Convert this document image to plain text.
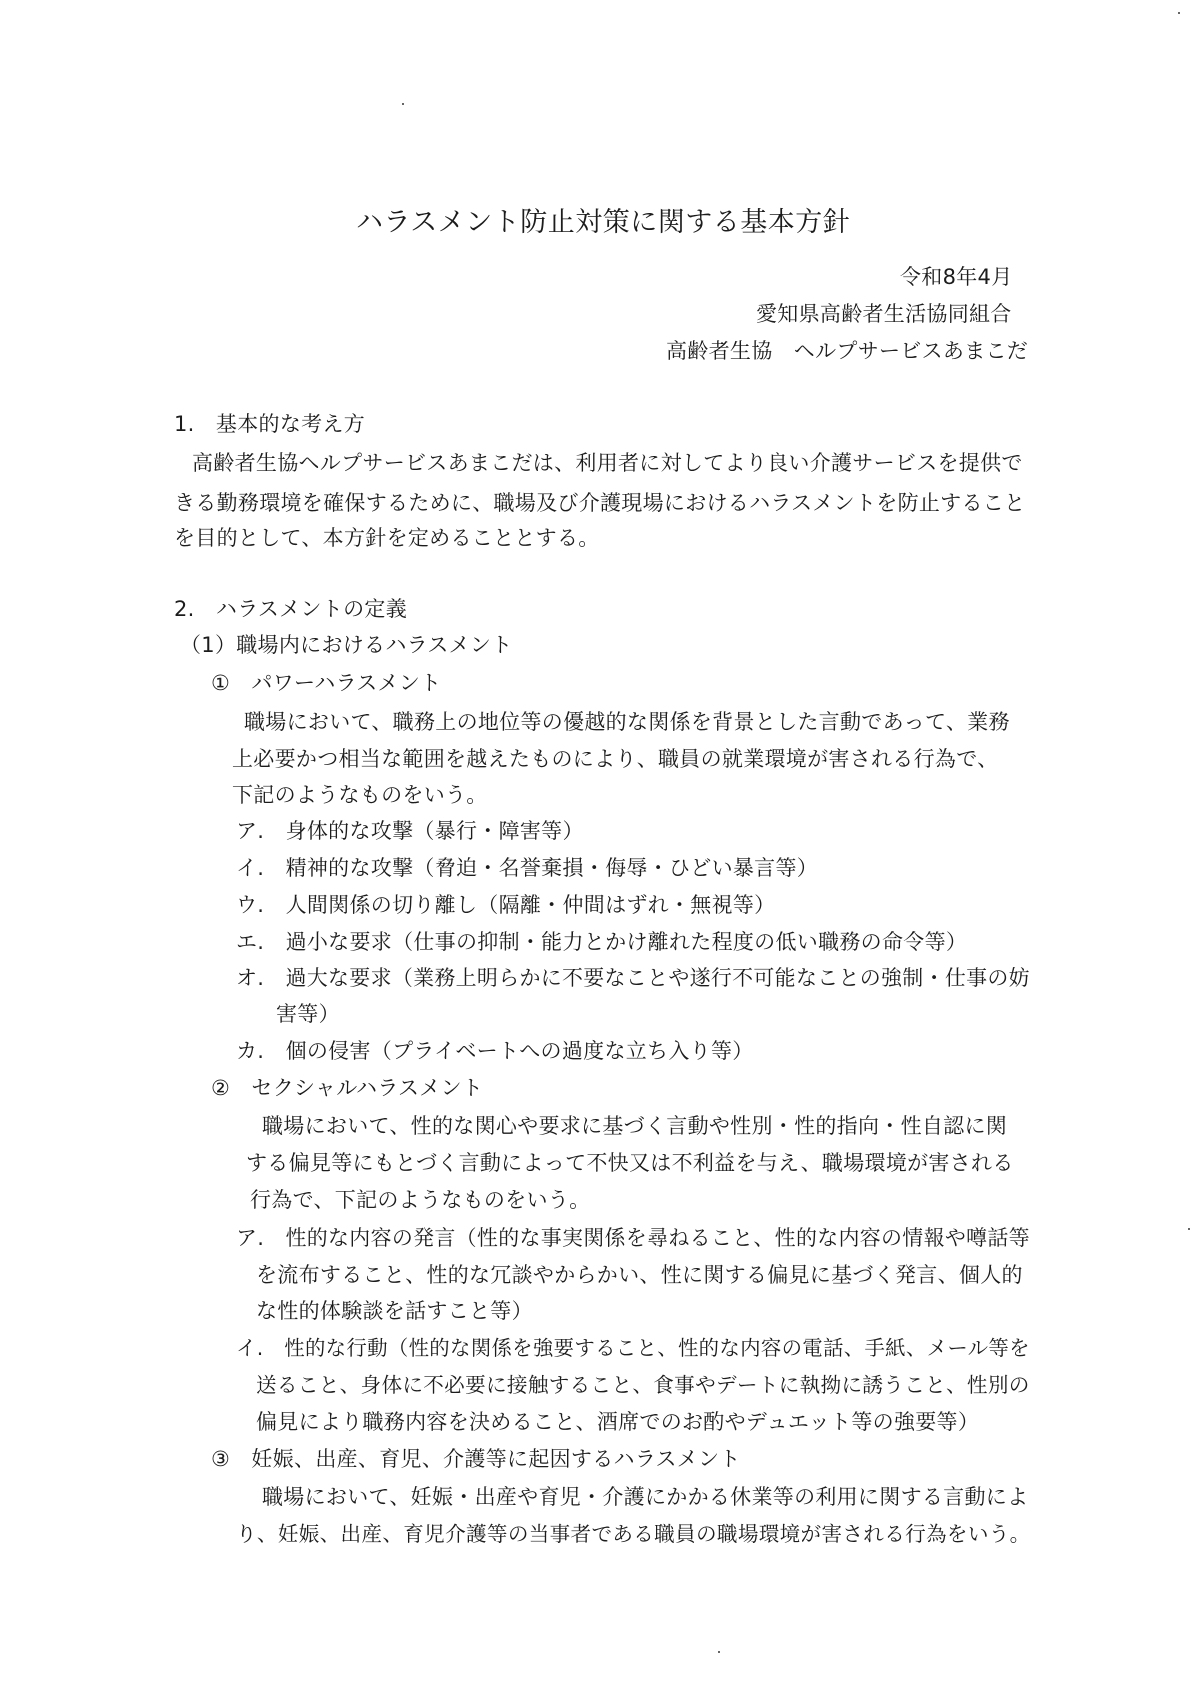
ハラスメント防止対策に関する基本方針
令和8年4月
愛知県高齢者生活協同組合
高齢者生協　ヘルプサービスあまこだ
1.　基本的な考え方
高齢者生協ヘルプサービスあまこだは、利用者に対してより良い介護サービスを提供で
きる勤務環境を確保するために、職場及び介護現場におけるハラスメントを防止すること
を目的として、本方針を定めることとする。
2.　ハラスメントの定義
（1）職場内におけるハラスメント
①　パワーハラスメント
職場において、職務上の地位等の優越的な関係を背景とした言動であって、業務
上必要かつ相当な範囲を越えたものにより、職員の就業環境が害される行為で、
下記のようなものをいう。
ア.　身体的な攻撃（暴行・障害等）
イ.　精神的な攻撃（脅迫・名誉棄損・侮辱・ひどい暴言等）
ウ.　人間関係の切り離し（隔離・仲間はずれ・無視等）
エ.　過小な要求（仕事の抑制・能力とかけ離れた程度の低い職務の命令等）
オ.　過大な要求（業務上明らかに不要なことや遂行不可能なことの強制・仕事の妨
害等）
カ.　個の侵害（プライベートへの過度な立ち入り等）
②　セクシャルハラスメント
職場において、性的な関心や要求に基づく言動や性別・性的指向・性自認に関
する偏見等にもとづく言動によって不快又は不利益を与え、職場環境が害される
行為で、下記のようなものをいう。
ア.　性的な内容の発言（性的な事実関係を尋ねること、性的な内容の情報や噂話等
を流布すること、性的な冗談やからかい、性に関する偏見に基づく発言、個人的
な性的体験談を話すこと等）
イ.　性的な行動（性的な関係を強要すること、性的な内容の電話、手紙、メール等を
送ること、身体に不必要に接触すること、食事やデートに執拗に誘うこと、性別の
偏見により職務内容を決めること、酒席でのお酌やデュエット等の強要等）
③　妊娠、出産、育児、介護等に起因するハラスメント
職場において、妊娠・出産や育児・介護にかかる休業等の利用に関する言動によ
り、妊娠、出産、育児介護等の当事者である職員の職場環境が害される行為をいう。
